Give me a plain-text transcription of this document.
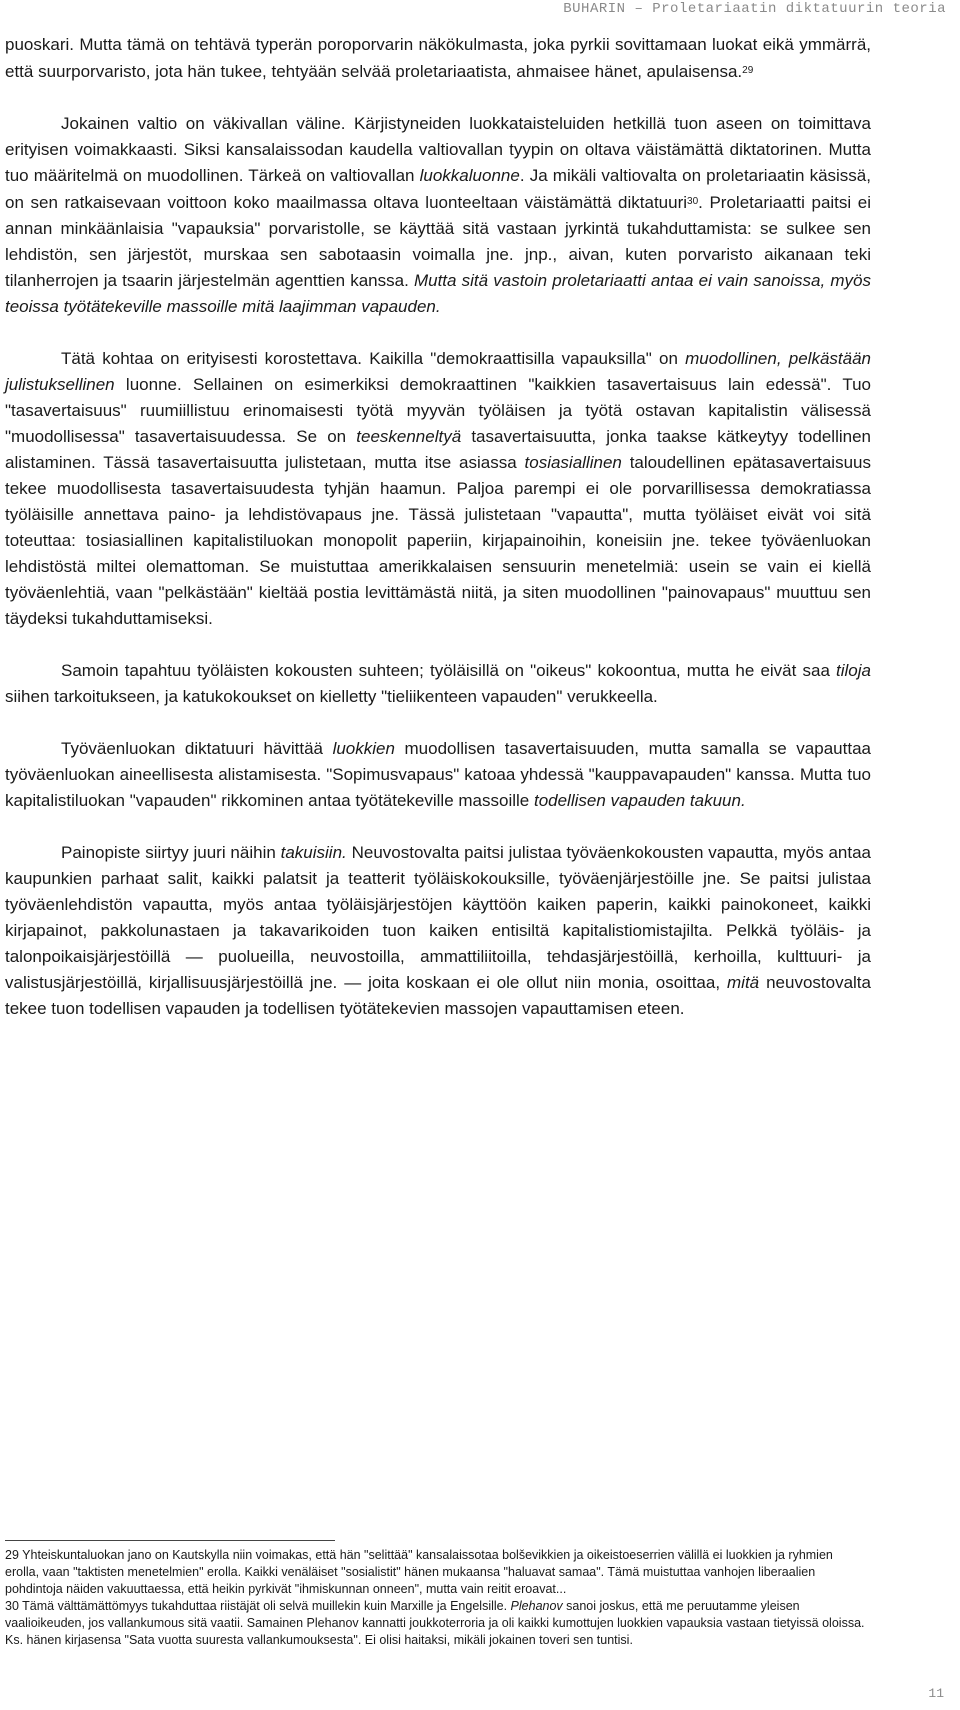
BUHARIN – Proletariaatin diktatuurin teoria

puoskari. Mutta tämä on tehtävä typerän poroporvarin näkökulmasta, joka pyrkii sovittamaan luokat eikä ymmärrä, että suurporvaristo, jota hän tukee, tehtyään selvää proletariaatista, ahmaisee hänet, apulaisensa.$^{29}$

Jokainen valtio on väkivallan väline. Kärjistyneiden luokkataisteluiden hetkillä tuon aseen on toimittava erityisen voimakkaasti. Siksi kansalaissodan kaudella valtiovallan tyypin on oltava väistämättä diktatorinen. Mutta tuo määritelmä on muodollinen. Tärkeä on valtiovallan luokkaluonne. Ja mikäli valtiovalta on proletariaatin käsissä, on sen ratkaisevaan voittoon koko maailmassa oltava luonteeltaan väistämättä diktatuuri$^{30}$. Proletariaatti paitsi ei annan minkäänlaisia "vapauksia" porvaristolle, se käyttää sitä vastaan jyrkintä tukahduttamista: se sulkee sen lehdistön, sen järjestöt, murskaa sen sabotaasin voimalla jne. jnp., aivan, kuten porvaristo aikanaan teki tilanherrojen ja tsaarin järjestelmän agenttien kanssa. Mutta sitä vastoin proletariaatti antaa ei vain sanoissa, myös teoissa työtätekeville massoille mitä laajimman vapauden.

Tätä kohtaa on erityisesti korostettava. Kaikilla "demokraattisilla vapauksilla" on muodollinen, pelkästään julistuksellinen luonne. Sellainen on esimerkiksi demokraattinen "kaikkien tasavertaisuus lain edessä". Tuo "tasavertaisuus" ruumiillistuu erinomaisesti työtä myyvän työläisen ja työtä ostavan kapitalistin välisessä "muodollisessa" tasavertaisuudessa. Se on teeskenneltyä tasavertaisuutta, jonka taakse kätkeytyy todellinen alistaminen. Tässä tasavertaisuutta julistetaan, mutta itse asiassa tosiasiallinen taloudellinen epätasavertaisuus tekee muodollisesta tasavertaisuudesta tyhjän haamun. Paljoa parempi ei ole porvarillisessa demokratiassa työläisille annettava paino- ja lehdistövapaus jne. Tässä julistetaan "vapautta", mutta työläiset eivät voi sitä toteuttaa: tosiasiallinen kapitalistiluokan monopolit paperiin, kirjapainoihin, koneisiin jne. tekee työväenluokan lehdistöstä miltei olemattoman. Se muistuttaa amerikkalaisen sensuurin menetelmiä: usein se vain ei kiellä työväenlehtiä, vaan "pelkästään" kieltää postia levittämästä niitä, ja siten muodollinen "painovapaus" muuttuu sen täydeksi tukahduttamiseksi.

Samoin tapahtuu työläisten kokousten suhteen; työläisillä on "oikeus" kokoontua, mutta he eivät saa tiloja siihen tarkoitukseen, ja katukokoukset on kielletty "tieliikenteen vapauden" verukkeella.

Työväenluokan diktatuuri hävittää luokkien muodollisen tasavertaisuuden, mutta samalla se vapauttaa työväenluokan aineellisesta alistamisesta. "Sopimusvapaus" katoaa yhdessä "kauppavapauden" kanssa. Mutta tuo kapitalistiluokan "vapauden" rikkominen antaa työtätekeville massoille todellisen vapauden takuun.

Painopiste siirtyy juuri näihin takuisiin. Neuvostovalta paitsi julistaa työväenkokousten vapautta, myös antaa kaupunkien parhaat salit, kaikki palatsit ja teatterit työläiskokouksille, työväenjärjestöille jne. Se paitsi julistaa työväenlehdistön vapautta, myös antaa työläisjärjestöjen käyttöön kaiken paperin, kaikki painokoneet, kaikki kirjapainot, pakkolunastaen ja takavarikoiden tuon kaiken entisiltä kapitalistiomistajilta. Pelkkä työläis- ja talonpoikaisjärjestöillä — puolueilla, neuvostoilla, ammattiliitoilla, tehdasjärjestöillä, kerhoilla, kulttuuri- ja valistusjärjestöillä, kirjallisuusjärjestöillä jne. — joita koskaan ei ole ollut niin monia, osoittaa, mitä neuvostovalta tekee tuon todellisen vapauden ja todellisen työtätekevien massojen vapauttamisen eteen.

29 Yhteiskuntaluokan jano on Kautskylla niin voimakas, että hän "selittää" kansalaissotaa bolševikkien ja oikeistoeserrien välillä ei luokkien ja ryhmien erolla, vaan "taktisten menetelmien" erolla. Kaikki venäläiset "sosialistit" hänen mukaansa "haluavat samaa". Tämä muistuttaa vanhojen liberaalien pohdintoja näiden vakuuttaessa, että heikin pyrkivät "ihmiskunnan onneen", mutta vain reitit eroavat...

30 Tämä välttämättömyys tukahduttaa riistäjät oli selvä muillekin kuin Marxille ja Engelsille. Plehanov sanoi joskus, että me peruutamme yleisen vaalioikeuden, jos vallankumous sitä vaatii. Samainen Plehanov kannatti joukkoterroria ja oli kaikki kumottujen luokkien vapauksia vastaan tietyissä oloissa. Ks. hänen kirjasensa "Sata vuotta suuresta vallankumouksesta". Ei olisi haitaksi, mikäli jokainen toveri sen tuntisi.

11
